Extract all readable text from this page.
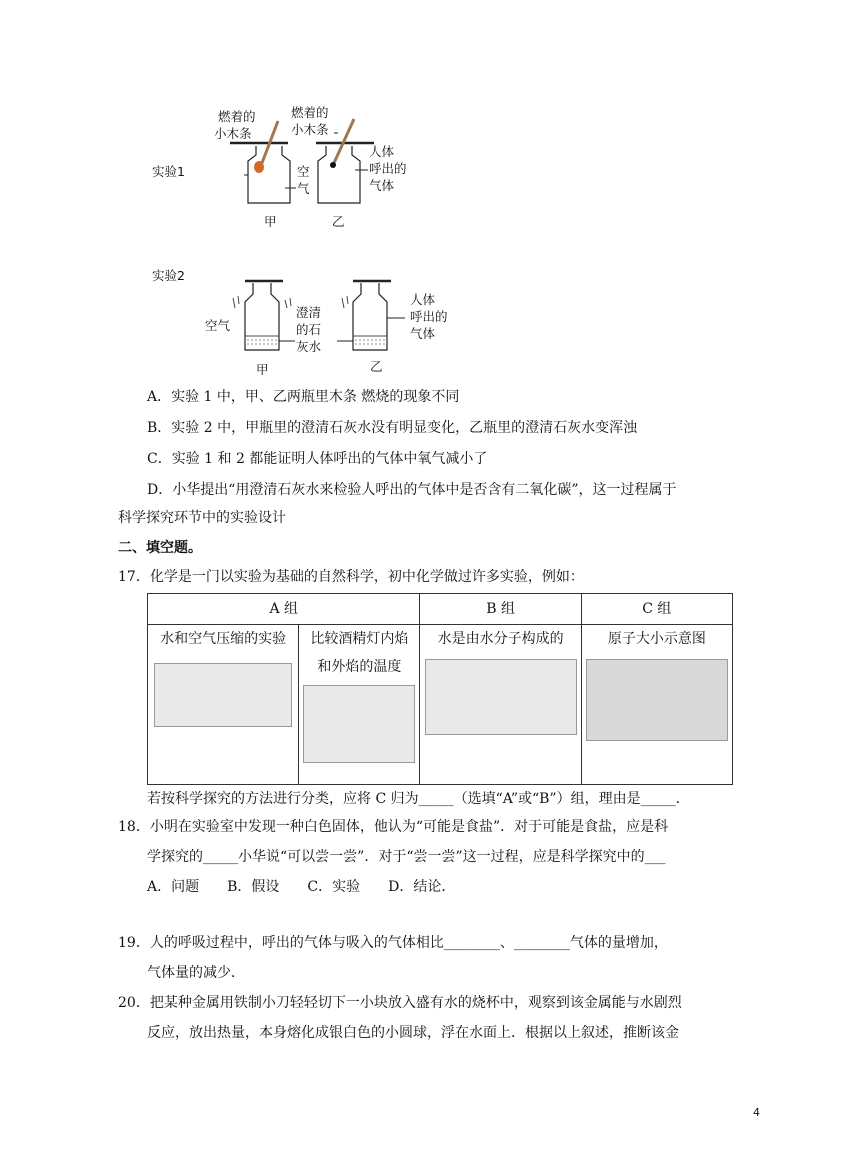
实验1
燃着的
小木条
燃着的
小木条
空
气
人体
呼出的
气体
甲	乙
实验2
空气
澄清
的石
灰水
人体
呼出的
气体
甲	乙
A．实验 1 中，甲、乙两瓶里木条 燃烧的现象不同
B．实验 2 中，甲瓶里的澄清石灰水没有明显变化，乙瓶里的澄清石灰水变浑浊
C．实验 1 和 2 都能证明人体呼出的气体中氧气减小了
D．小华提出“用澄清石灰水来检验人呼出的气体中是否含有二氧化碳”，这一过程属于
科学探究环节中的实验设计
二、填空题。
17．化学是一门以实验为基础的自然科学，初中化学做过许多实验，例如：
A 组		B 组	C 组

水和空气压缩的实验	比较酒精灯内焰
和外焰的温度	水是由水分子构成的	原子大小示意图
若按科学探究的方法进行分类，应将 C 归为_____（选填“A”或“B”）组，理由是_____.
18．小明在实验室中发现一种白色固体，他认为“可能是食盐”．对于可能是食盐，应是科
学探究的_____小华说“可以尝一尝”．对于“尝一尝”这一过程，应是科学探究中的___
A．问题　　B．假设　　C．实验　　D．结论．
19．人的呼吸过程中，呼出的气体与吸入的气体相比________、________气体的量增加，
气体量的减少．
20．把某种金属用铁制小刀轻轻切下一小块放入盛有水的烧杯中，观察到该金属能与水剧烈
反应，放出热量，本身熔化成银白色的小圆球，浮在水面上．根据以上叙述，推断该金
4
